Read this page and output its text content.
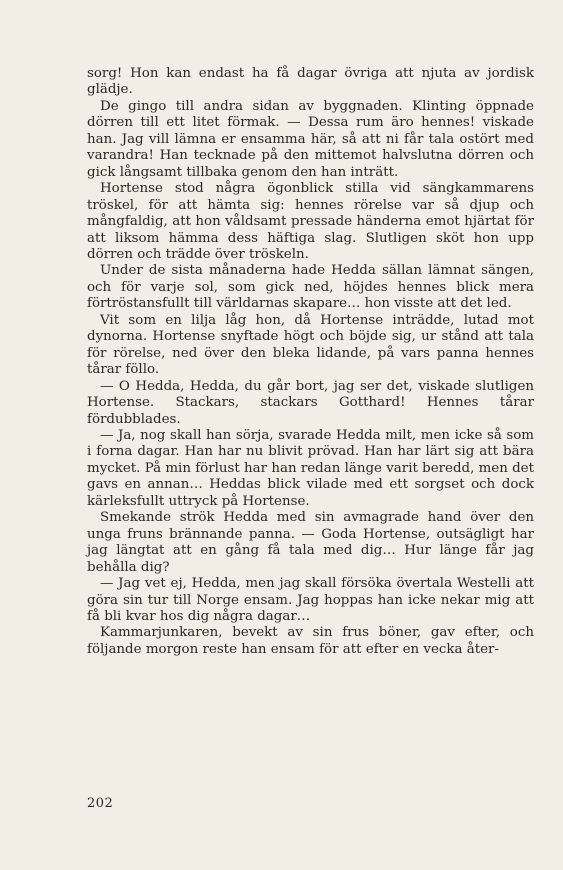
sorg! Hon kan endast ha få dagar övriga att njuta av jordisk glädje.

De gingo till andra sidan av byggnaden. Klinting öppnade dörren till ett litet förmak. — Dessa rum äro hennes! viskade han. Jag vill lämna er ensamma här, så att ni får tala ostört med varandra! Han tecknade på den mittemot halvslutna dörren och gick långsamt tillbaka genom den han inträtt.

Hortense stod några ögonblick stilla vid sängkammarens tröskel, för att hämta sig: hennes rörelse var så djup och mångfaldig, att hon våldsamt pressade händerna emot hjärtat för att liksom hämma dess häftiga slag. Slutligen sköt hon upp dörren och trädde över tröskeln.

Under de sista månaderna hade Hedda sällan lämnat sängen, och för varje sol, som gick ned, höjdes hennes blick mera förtröstansfullt till världarnas skapare… hon visste att det led.

Vit som en lilja låg hon, då Hortense inträdde, lutad mot dynorna. Hortense snyftade högt och böjde sig, ur stånd att tala för rörelse, ned över den bleka lidande, på vars panna hennes tårar föllo.

— O Hedda, Hedda, du går bort, jag ser det, viskade slutligen Hortense. Stackars, stackars Gotthard! Hennes tårar fördubblades.

— Ja, nog skall han sörja, svarade Hedda milt, men icke så som i forna dagar. Han har nu blivit prövad. Han har lärt sig att bära mycket. På min förlust har han redan länge varit beredd, men det gavs en annan… Heddas blick vilade med ett sorgset och dock kärleksfullt uttryck på Hortense.

Smekande strök Hedda med sin avmagrade hand över den unga fruns brännande panna. — Goda Hortense, outsägligt har jag längtat att en gång få tala med dig… Hur länge får jag behålla dig?

— Jag vet ej, Hedda, men jag skall försöka övertala Westelli att göra sin tur till Norge ensam. Jag hoppas han icke nekar mig att få bli kvar hos dig några dagar…

Kammarjunkaren, bevekt av sin frus böner, gav efter, och följande morgon reste han ensam för att efter en vecka åter-

202
